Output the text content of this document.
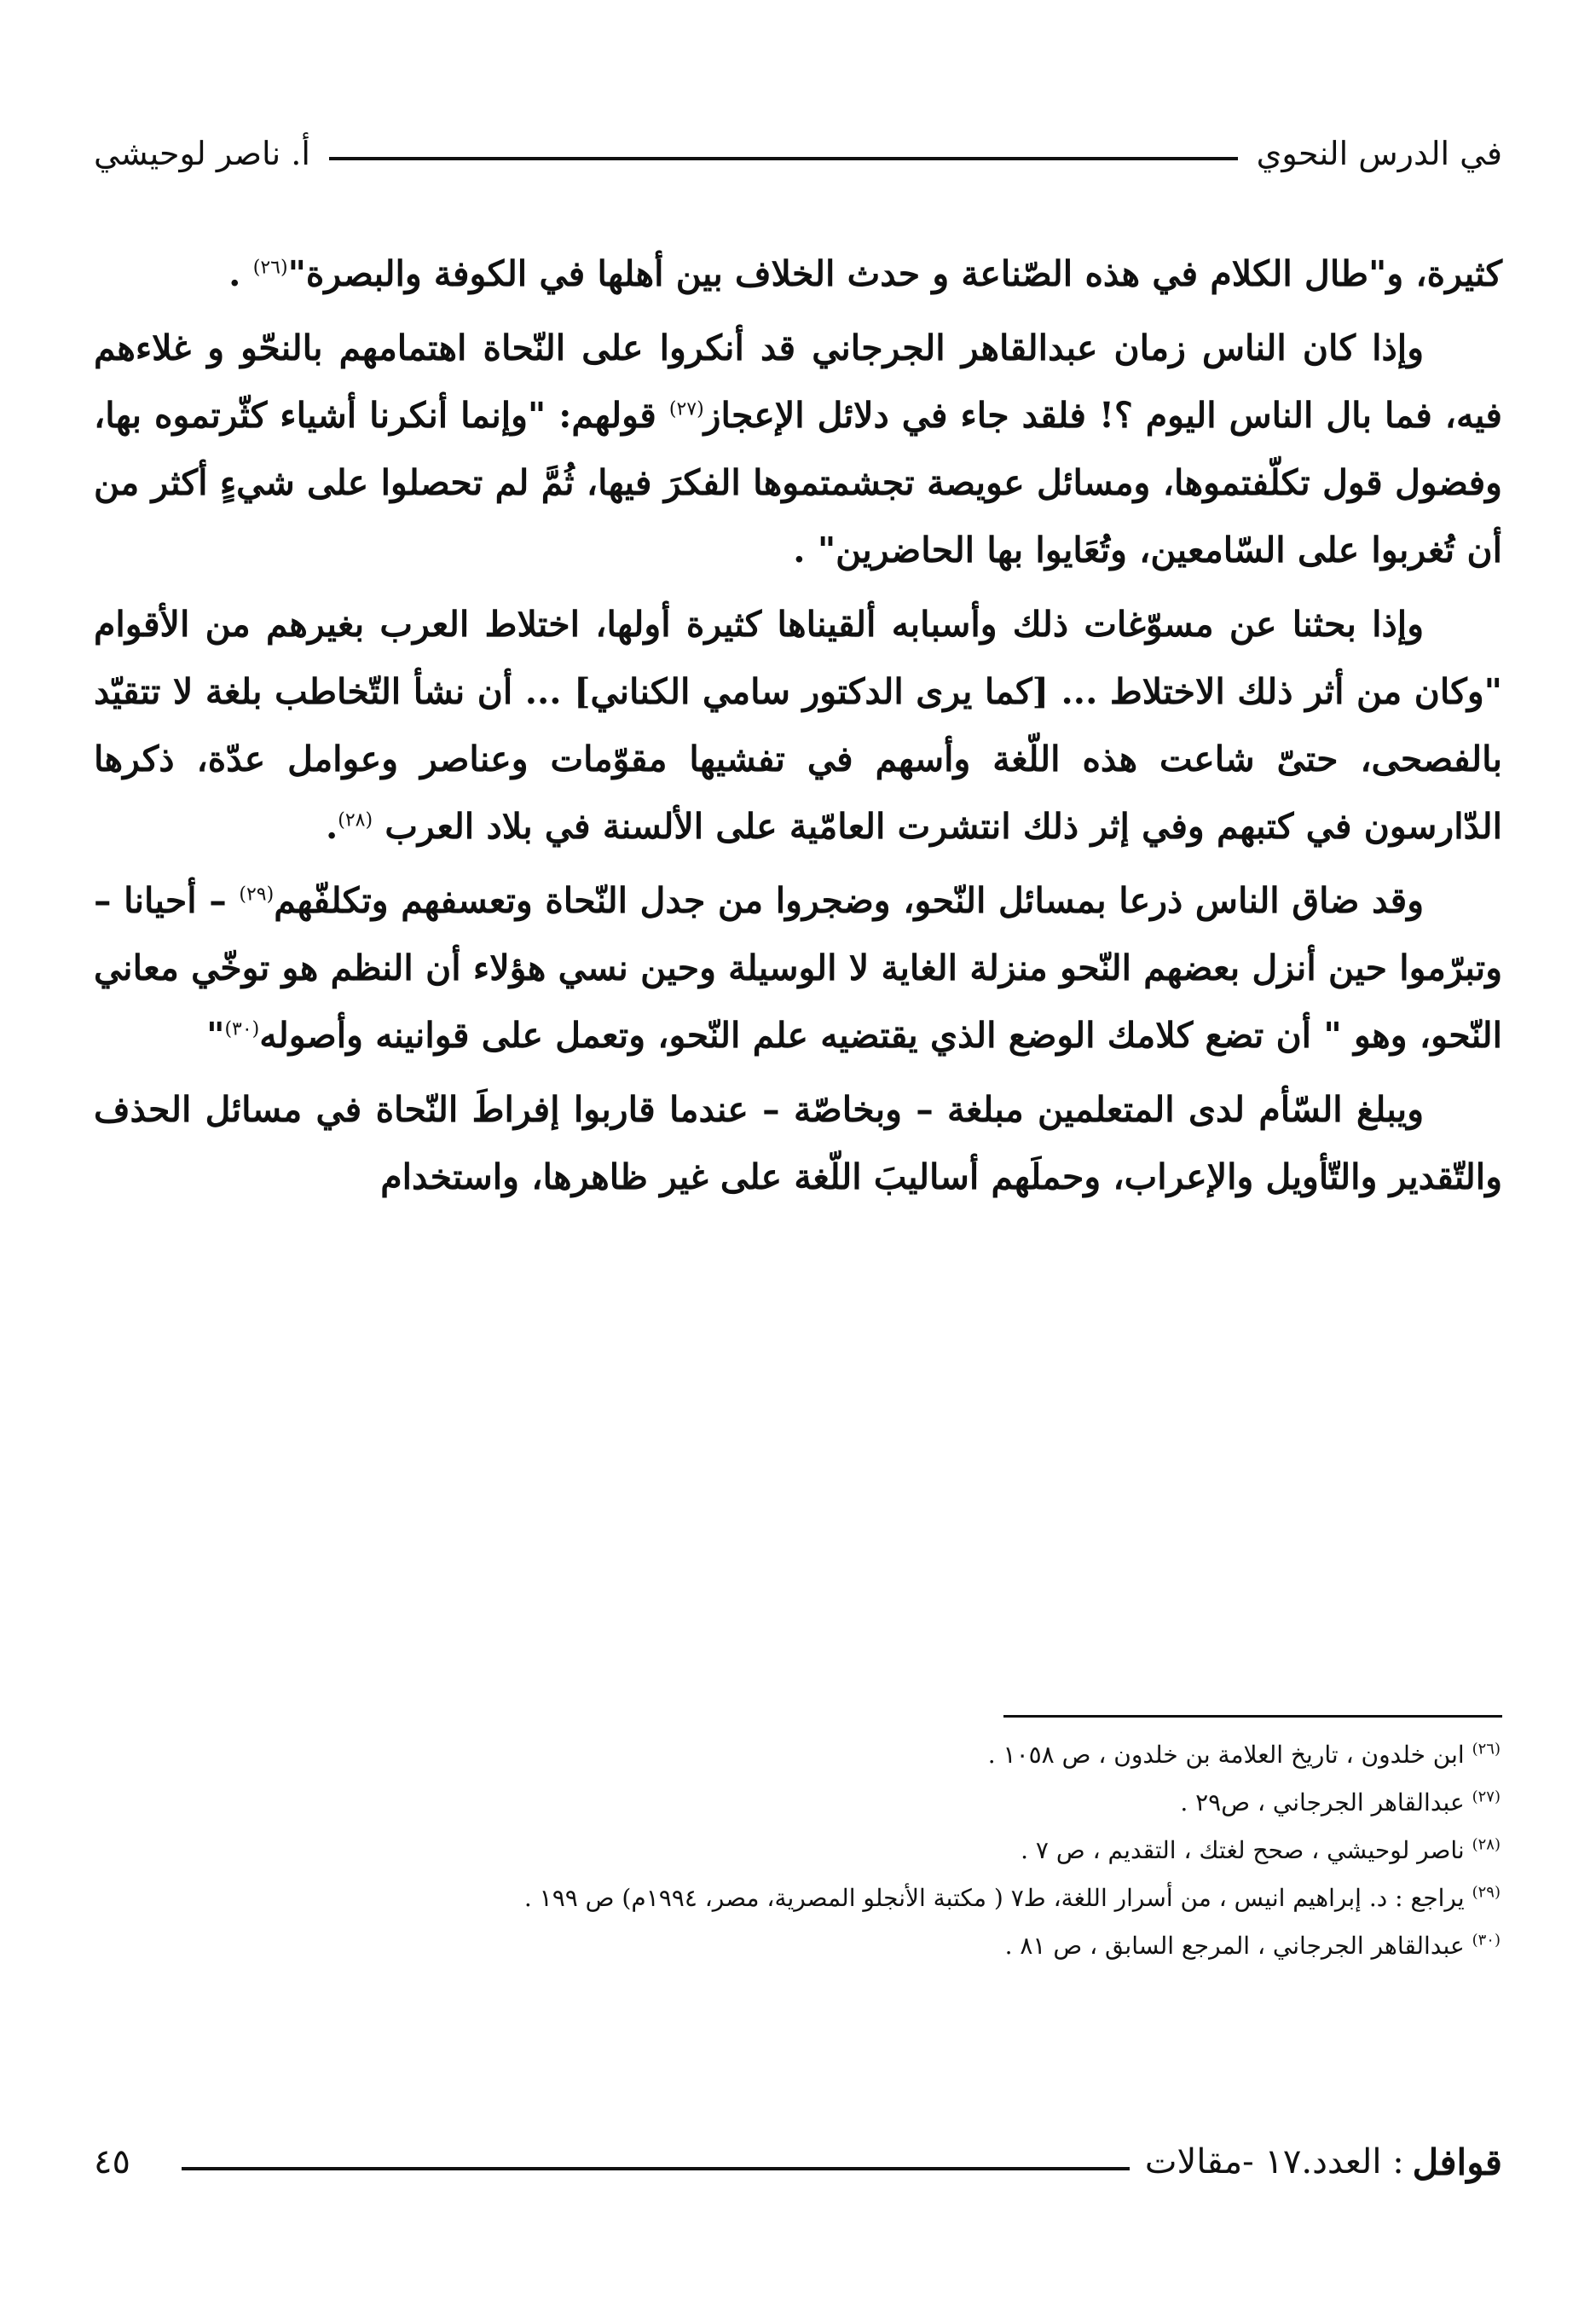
في الدرس النحوي
أ. ناصر لوحيشي

كثيرة، و"طال الكلام في هذه الصّناعة و حدث الخلاف بين أهلها في الكوفة والبصرة"$^{(٢٦)}$ .

وإذا كان الناس زمان عبدالقاهر الجرجاني قد أنكروا على النّحاة اهتمامهم بالنحّو و غلاءهم فيه، فما بال الناس اليوم ؟! فلقد جاء في دلائل الإعجاز$^{(٢٧)}$ قولهم: "وإنما أنكرنا أشياء كثّرتموه بها، وفضول قول تكلّفتموها، ومسائل عويصة تجشمتموها الفكرَ فيها، ثُمَّ لم تحصلوا على شيءٍ أكثر من أن تُغربوا على السّامعين، وتُعَايوا بها الحاضرين" .

وإذا بحثنا عن مسوّغات ذلك وأسبابه ألقيناها كثيرة أولها، اختلاط العرب بغيرهم من الأقوام "وكان من أثر ذلك الاختلاط ... [كما يرى الدكتور سامي الكناني] ... أن نشأ التّخاطب بلغة لا تتقيّد بالفصحى، حتىّ شاعت هذه اللّغة وأسهم في تفشيها مقوّمات وعناصر وعوامل عدّة، ذكرها الدّارسون في كتبهم وفي إثر ذلك انتشرت العامّية على الألسنة في بلاد العرب $^{(٢٨)}$.

وقد ضاق الناس ذرعا بمسائل النّحو، وضجروا من جدل النّحاة وتعسفهم وتكلفّهم$^{(٢٩)}$ – أحيانا – وتبرّموا حين أنزل بعضهم النّحو منزلة الغاية لا الوسيلة وحين نسي هؤلاء أن النظم هو توخّي معاني النّحو، وهو " أن تضع كلامك الوضع الذي يقتضيه علم النّحو، وتعمل على قوانينه وأصوله$^{(٣٠)}$"

ويبلغ السّأم لدى المتعلمين مبلغة – وبخاصّة – عندما قاربوا إفراطَ النّحاة في مسائل الحذف والتّقدير والتّأويل والإعراب، وحملَهم أساليبَ اللّغة على غير ظاهرها، واستخدام

$^{(٢٦)}$ ابن خلدون ، تاريخ العلامة بن خلدون ، ص ١٠٥٨ .
$^{(٢٧)}$ عبدالقاهر الجرجاني ، ص٢٩ .
$^{(٢٨)}$ ناصر لوحيشي ، صحح لغتك ، التقديم ، ص ٧ .
$^{(٢٩)}$ يراجع : د. إبراهيم انيس ، من أسرار اللغة، ط٧ ( مكتبة الأنجلو المصرية، مصر، ١٩٩٤م) ص ١٩٩ .
$^{(٣٠)}$ عبدالقاهر الجرجاني ، المرجع السابق ، ص ٨١ .
قوافل
: العدد.١٧ -مقالات
٤٥
